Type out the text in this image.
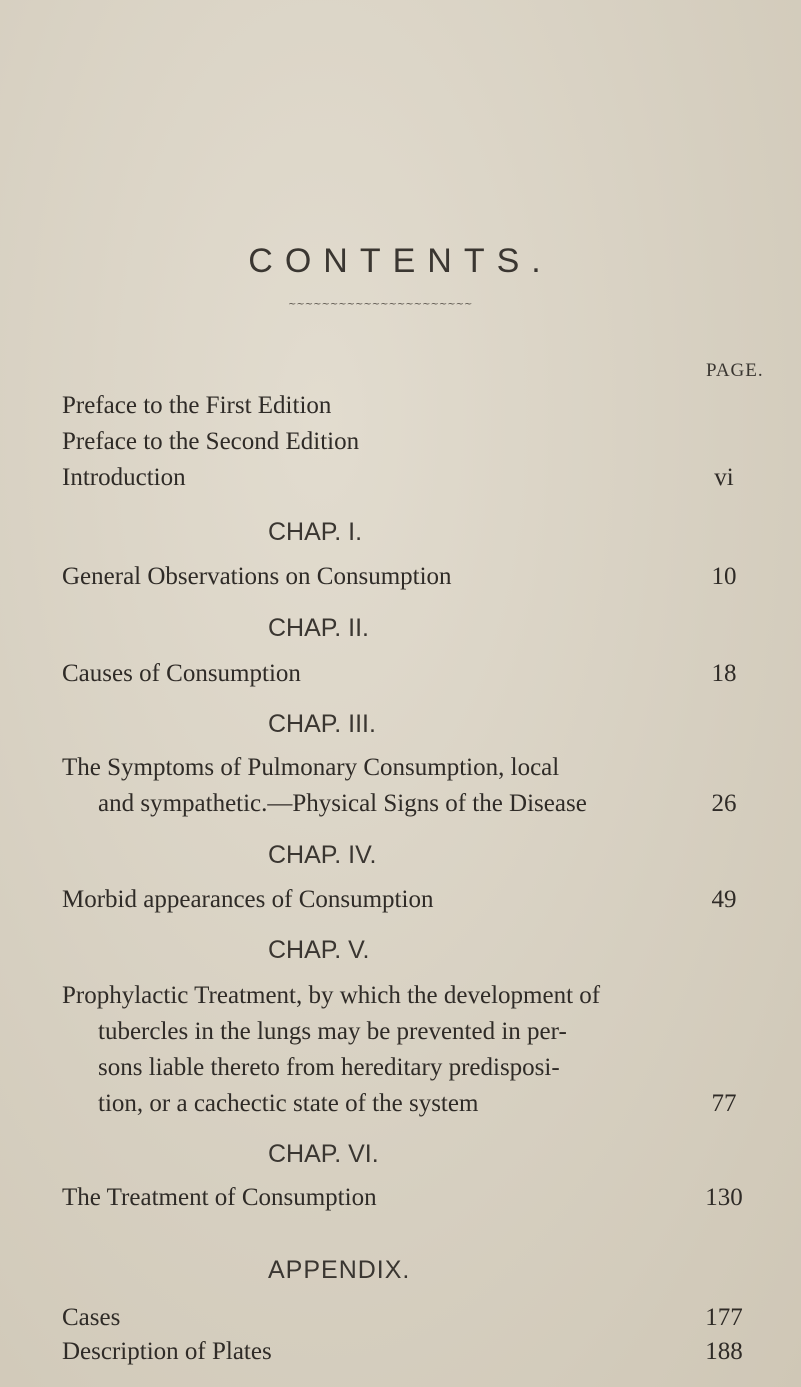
CONTENTS.
~~~~~~~~~~~~~~~~~~~~~~
PAGE.
Preface to the First Edition
Preface to the Second Edition
Introduction	vi
CHAP. I.
General Observations on Consumption	10
CHAP. II.
Causes of Consumption	18
CHAP. III.
The Symptoms of Pulmonary Consumption, local
and sympathetic.—Physical Signs of the Disease	26
CHAP. IV.
Morbid appearances of Consumption	49
CHAP. V.
Prophylactic Treatment, by which the development of
tubercles in the lungs may be prevented in per-
sons liable thereto from hereditary predisposi-
tion, or a cachectic state of the system	77
CHAP. VI.
The Treatment of Consumption	130
APPENDIX.
Cases	177
Description of Plates	188
